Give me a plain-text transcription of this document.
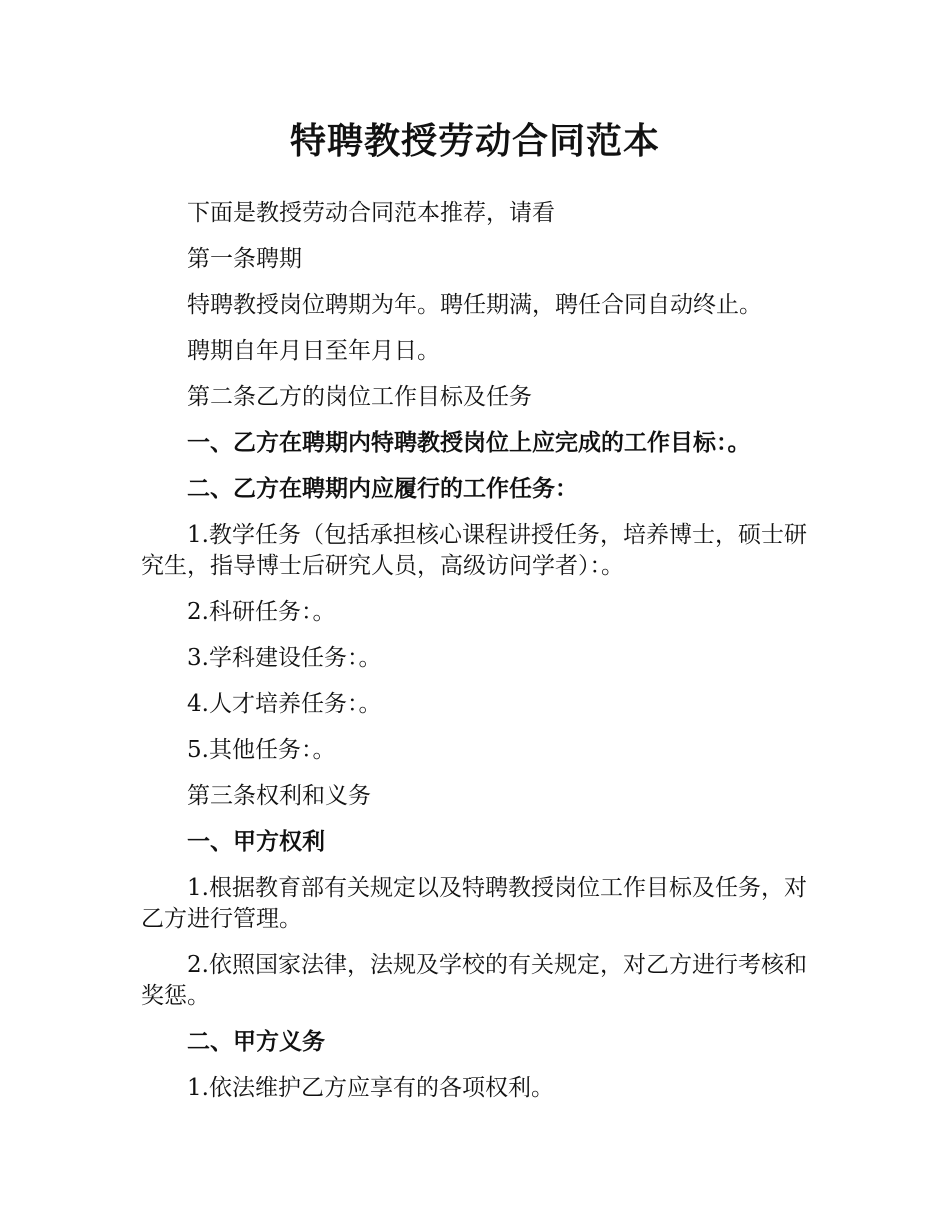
特聘教授劳动合同范本

下面是教授劳动合同范本推荐，请看

第一条聘期

特聘教授岗位聘期为年。聘任期满，聘任合同自动终止。

聘期自年月日至年月日。

第二条乙方的岗位工作目标及任务

一、乙方在聘期内特聘教授岗位上应完成的工作目标：。

二、乙方在聘期内应履行的工作任务：

1.教学任务（包括承担核心课程讲授任务，培养博士，硕士研究生，指导博士后研究人员，高级访问学者）：。

2.科研任务：。

3.学科建设任务：。

4.人才培养任务：。

5.其他任务：。

第三条权利和义务

一、甲方权利

1.根据教育部有关规定以及特聘教授岗位工作目标及任务，对乙方进行管理。

2.依照国家法律，法规及学校的有关规定，对乙方进行考核和奖惩。

二、甲方义务

1.依法维护乙方应享有的各项权利。
